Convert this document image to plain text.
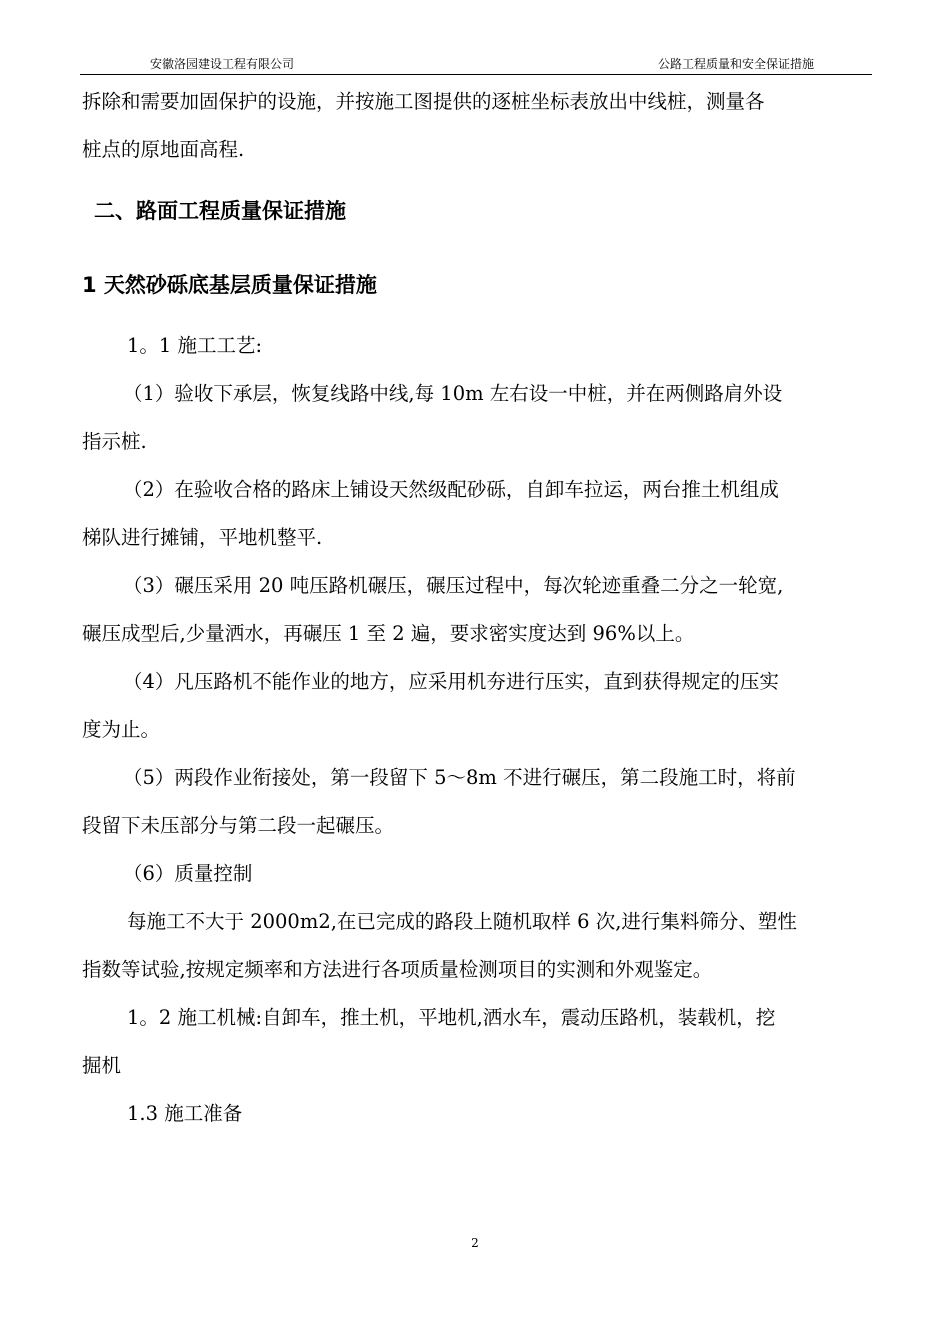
安徽洛园建设工程有限公司	公路工程质量和安全保证措施

拆除和需要加固保护的设施，并按施工图提供的逐桩坐标表放出中线桩，测量各

桩点的原地面高程.

二、路面工程质量保证措施

1 天然砂砾底基层质量保证措施

1。1 施工工艺:

（1）验收下承层，恢复线路中线,每 10m 左右设一中桩，并在两侧路肩外设

指示桩.

（2）在验收合格的路床上铺设天然级配砂砾，自卸车拉运，两台推土机组成

梯队进行摊铺，平地机整平.

（3）碾压采用 20 吨压路机碾压，碾压过程中，每次轮迹重叠二分之一轮宽,

碾压成型后,少量洒水，再碾压 1 至 2 遍，要求密实度达到 96%以上。

（4）凡压路机不能作业的地方，应采用机夯进行压实，直到获得规定的压实

度为止。

（5）两段作业衔接处，第一段留下 5～8m 不进行碾压，第二段施工时，将前

段留下未压部分与第二段一起碾压。

（6）质量控制

每施工不大于 2000m2,在已完成的路段上随机取样 6 次,进行集料筛分、塑性

指数等试验,按规定频率和方法进行各项质量检测项目的实测和外观鉴定。

1。2 施工机械:自卸车，推土机，平地机,洒水车，震动压路机，装载机，挖

掘机

1.3 施工准备

2
